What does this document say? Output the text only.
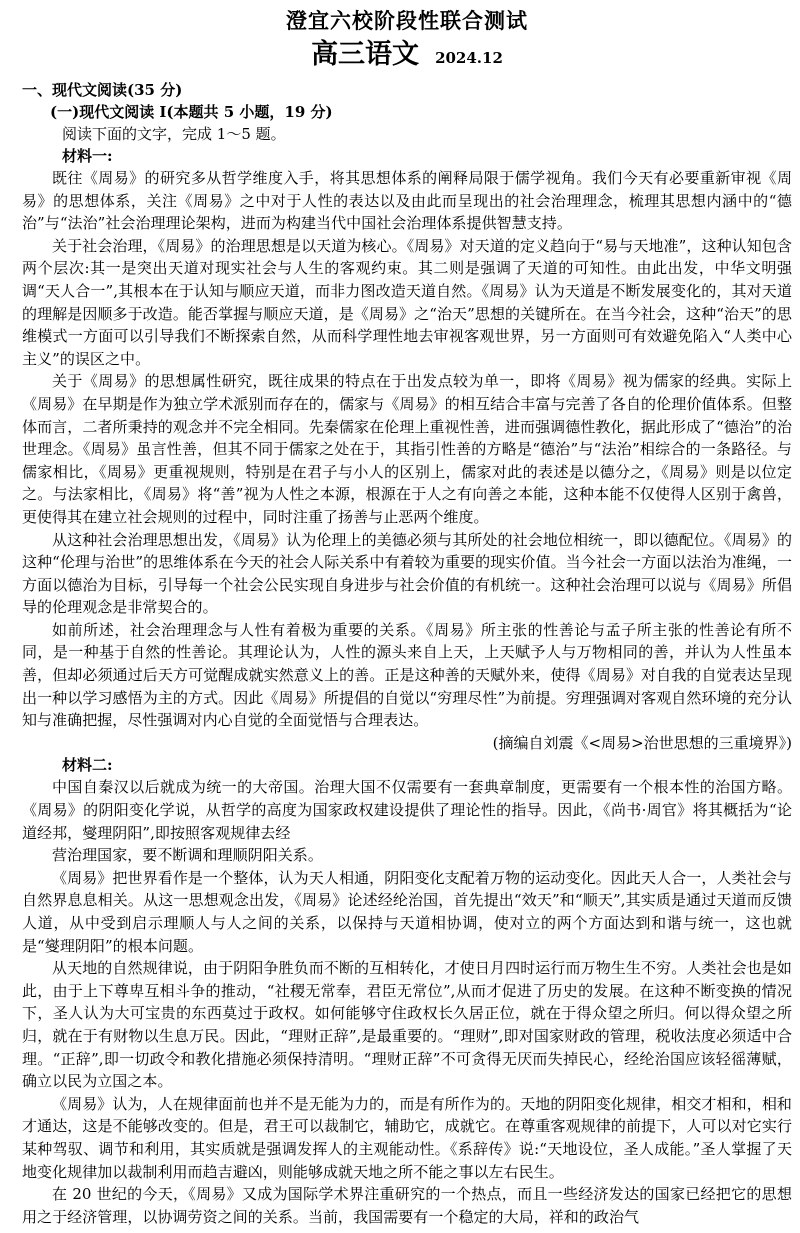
澄宜六校阶段性联合测试

高三语文 2024.12

一、现代文阅读(35 分)

(一)现代文阅读 I(本题共 5 小题，19 分)

阅读下面的文字，完成 1～5 题。

材料一:

既往《周易》的研究多从哲学维度入手，将其思想体系的阐释局限于儒学视角。我们今天有必要重新审视《周易》的思想体系，关注《周易》之中对于人性的表达以及由此而呈现出的社会治理理念，梳理其思想内涵中的“德治”与“法治”社会治理理论架构，进而为构建当代中国社会治理体系提供智慧支持。

关于社会治理，《周易》的治理思想是以天道为核心。《周易》对天道的定义趋向于“易与天地准”，这种认知包含两个层次:其一是突出天道对现实社会与人生的客观约束。其二则是强调了天道的可知性。由此出发，中华文明强调“天人合一”,其根本在于认知与顺应天道，而非力图改造天道自然。《周易》认为天道是不断发展变化的，其对天道的理解是因顺多于改造。能否掌握与顺应天道，是《周易》之“治天”思想的关键所在。在当今社会，这种“治天”的思维模式一方面可以引导我们不断探索自然，从而科学理性地去审视客观世界，另一方面则可有效避免陷入“人类中心主义”的误区之中。

关于《周易》的思想属性研究，既往成果的特点在于出发点较为单一，即将《周易》视为儒家的经典。实际上《周易》在早期是作为独立学术派别而存在的，儒家与《周易》的相互结合丰富与完善了各自的伦理价值体系。但整体而言，二者所秉持的观念并不完全相同。先秦儒家在伦理上重视性善，进而强调德性教化，据此形成了“德治”的治世理念。《周易》虽言性善，但其不同于儒家之处在于，其指引性善的方略是“德治”与“法治”相综合的一条路径。与儒家相比，《周易》更重视规则，特别是在君子与小人的区别上，儒家对此的表述是以德分之，《周易》则是以位定之。与法家相比，《周易》将“善”视为人性之本源，根源在于人之有向善之本能，这种本能不仅使得人区别于禽兽，更使得其在建立社会规则的过程中，同时注重了扬善与止恶两个维度。

从这种社会治理思想出发，《周易》认为伦理上的美德必须与其所处的社会地位相统一，即以德配位。《周易》的这种“伦理与治世”的思维体系在今天的社会人际关系中有着较为重要的现实价值。当今社会一方面以法治为准绳，一方面以德治为目标，引导每一个社会公民实现自身进步与社会价值的有机统一。这种社会治理可以说与《周易》所倡导的伦理观念是非常契合的。

如前所述，社会治理理念与人性有着极为重要的关系。《周易》所主张的性善论与孟子所主张的性善论有所不同，是一种基于自然的性善论。其理论认为，人性的源头来自上天，上天赋予人与万物相同的善，并认为人性虽本善，但却必须通过后天方可觉醒成就实然意义上的善。正是这种善的天赋外来，使得《周易》对自我的自觉表达呈现出一种以学习感悟为主的方式。因此《周易》所提倡的自觉以“穷理尽性”为前提。穷理强调对客观自然环境的充分认知与准确把握，尽性强调对内心自觉的全面觉悟与合理表达。

(摘编自刘震《<周易>治世思想的三重境界》)

材料二:

中国自秦汉以后就成为统一的大帝国。治理大国不仅需要有一套典章制度，更需要有一个根本性的治国方略。《周易》的阴阳变化学说，从哲学的高度为国家政权建设提供了理论性的指导。因此，《尚书·周官》将其概括为“论道经邦，燮理阴阳”,即按照客观规律去经

营治理国家，要不断调和理顺阴阳关系。

《周易》把世界看作是一个整体，认为天人相通，阴阳变化支配着万物的运动变化。因此天人合一，人类社会与自然界息息相关。从这一思想观念出发，《周易》论述经纶治国，首先提出“效天”和“顺天”,其实质是通过天道而反馈人道，从中受到启示理顺人与人之间的关系，以保持与天道相协调，使对立的两个方面达到和谐与统一，这也就是“燮理阴阳”的根本问题。

从天地的自然规律说，由于阴阳争胜负而不断的互相转化，才使日月四时运行而万物生生不穷。人类社会也是如此，由于上下尊卑互相斗争的推动，“社稷无常奉，君臣无常位”,从而才促进了历史的发展。在这种不断变换的情况下，圣人认为大可宝贵的东西莫过于政权。如何能够守住政权长久居正位，就在于得众望之所归。何以得众望之所归，就在于有财物以生息万民。因此，“理财正辞”,是最重要的。“理财”,即对国家财政的管理，税收法度必须适中合理。“正辞”,即一切政令和教化措施必须保持清明。“理财正辞”不可贪得无厌而失掉民心，经纶治国应该轻徭薄赋，确立以民为立国之本。

《周易》认为，人在规律面前也并不是无能为力的，而是有所作为的。天地的阴阳变化规律，相交才相和，相和才通达，这是不能够改变的。但是，君王可以裁制它，辅助它，成就它。在尊重客观规律的前提下，人可以对它实行某种驾驭、调节和利用，其实质就是强调发挥人的主观能动性。《系辞传》说:“天地设位，圣人成能。”圣人掌握了天地变化规律加以裁制利用而趋吉避凶，则能够成就天地之所不能之事以左右民生。

在 20 世纪的今天，《周易》又成为国际学术界注重研究的一个热点，而且一些经济发达的国家已经把它的思想用之于经济管理，以协调劳资之间的关系。当前，我国需要有一个稳定的大局，祥和的政治气
